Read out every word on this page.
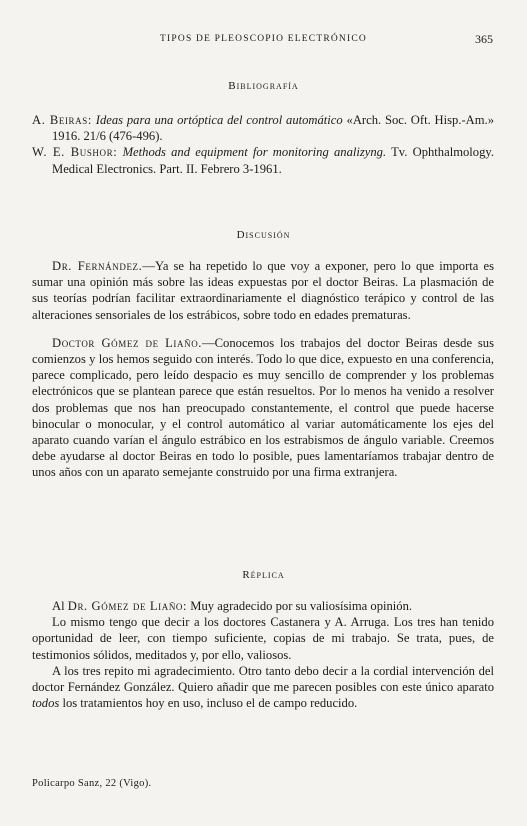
TIPOS DE PLEOSCOPIO ELECTRÓNICO	365
Bibliografía

A. Beiras: Ideas para una ortóptica del control automático «Arch. Soc. Oft. Hisp.-Am.» 1916. 21/6 (476-496).

W. E. Bushor: Methods and equipment for monitoring analizyng. Tv. Ophthalmology. Medical Electronics. Part. II. Febrero 3-1961.

Discusión

Dr. Fernández.—Ya se ha repetido lo que voy a exponer, pero lo que importa es sumar una opinión más sobre las ideas expuestas por el doctor Beiras. La plasmación de sus teorías podrían facilitar extraordinariamente el diagnóstico terápico y control de las alteraciones sensoriales de los estrábicos, sobre todo en edades prematuras.

Doctor Gómez de Liaño.—Conocemos los trabajos del doctor Beiras desde sus comienzos y los hemos seguido con interés. Todo lo que dice, expuesto en una conferencia, parece complicado, pero leído despacio es muy sencillo de comprender y los problemas electrónicos que se plantean parece que están resueltos. Por lo menos ha venido a resolver dos problemas que nos han preocupado constantemente, el control que puede hacerse binocular o monocular, y el control automático al variar automáticamente los ejes del aparato cuando varían el ángulo estrábico en los estrabismos de ángulo variable. Creemos debe ayudarse al doctor Beiras en todo lo posible, pues lamentaríamos trabajar dentro de unos años con un aparato semejante construido por una firma extranjera.

Réplica

Al Dr. Gómez de Liaño: Muy agradecido por su valiosísima opinión.

Lo mismo tengo que decir a los doctores Castanera y A. Arruga. Los tres han tenido oportunidad de leer, con tiempo suficiente, copias de mi trabajo. Se trata, pues, de testimonios sólidos, meditados y, por ello, valiosos.

A los tres repito mi agradecimiento. Otro tanto debo decir a la cordial intervención del doctor Fernández González. Quiero añadir que me parecen posibles con este único aparato todos los tratamientos hoy en uso, incluso el de campo reducido.

Policarpo Sanz, 22 (Vigo).
